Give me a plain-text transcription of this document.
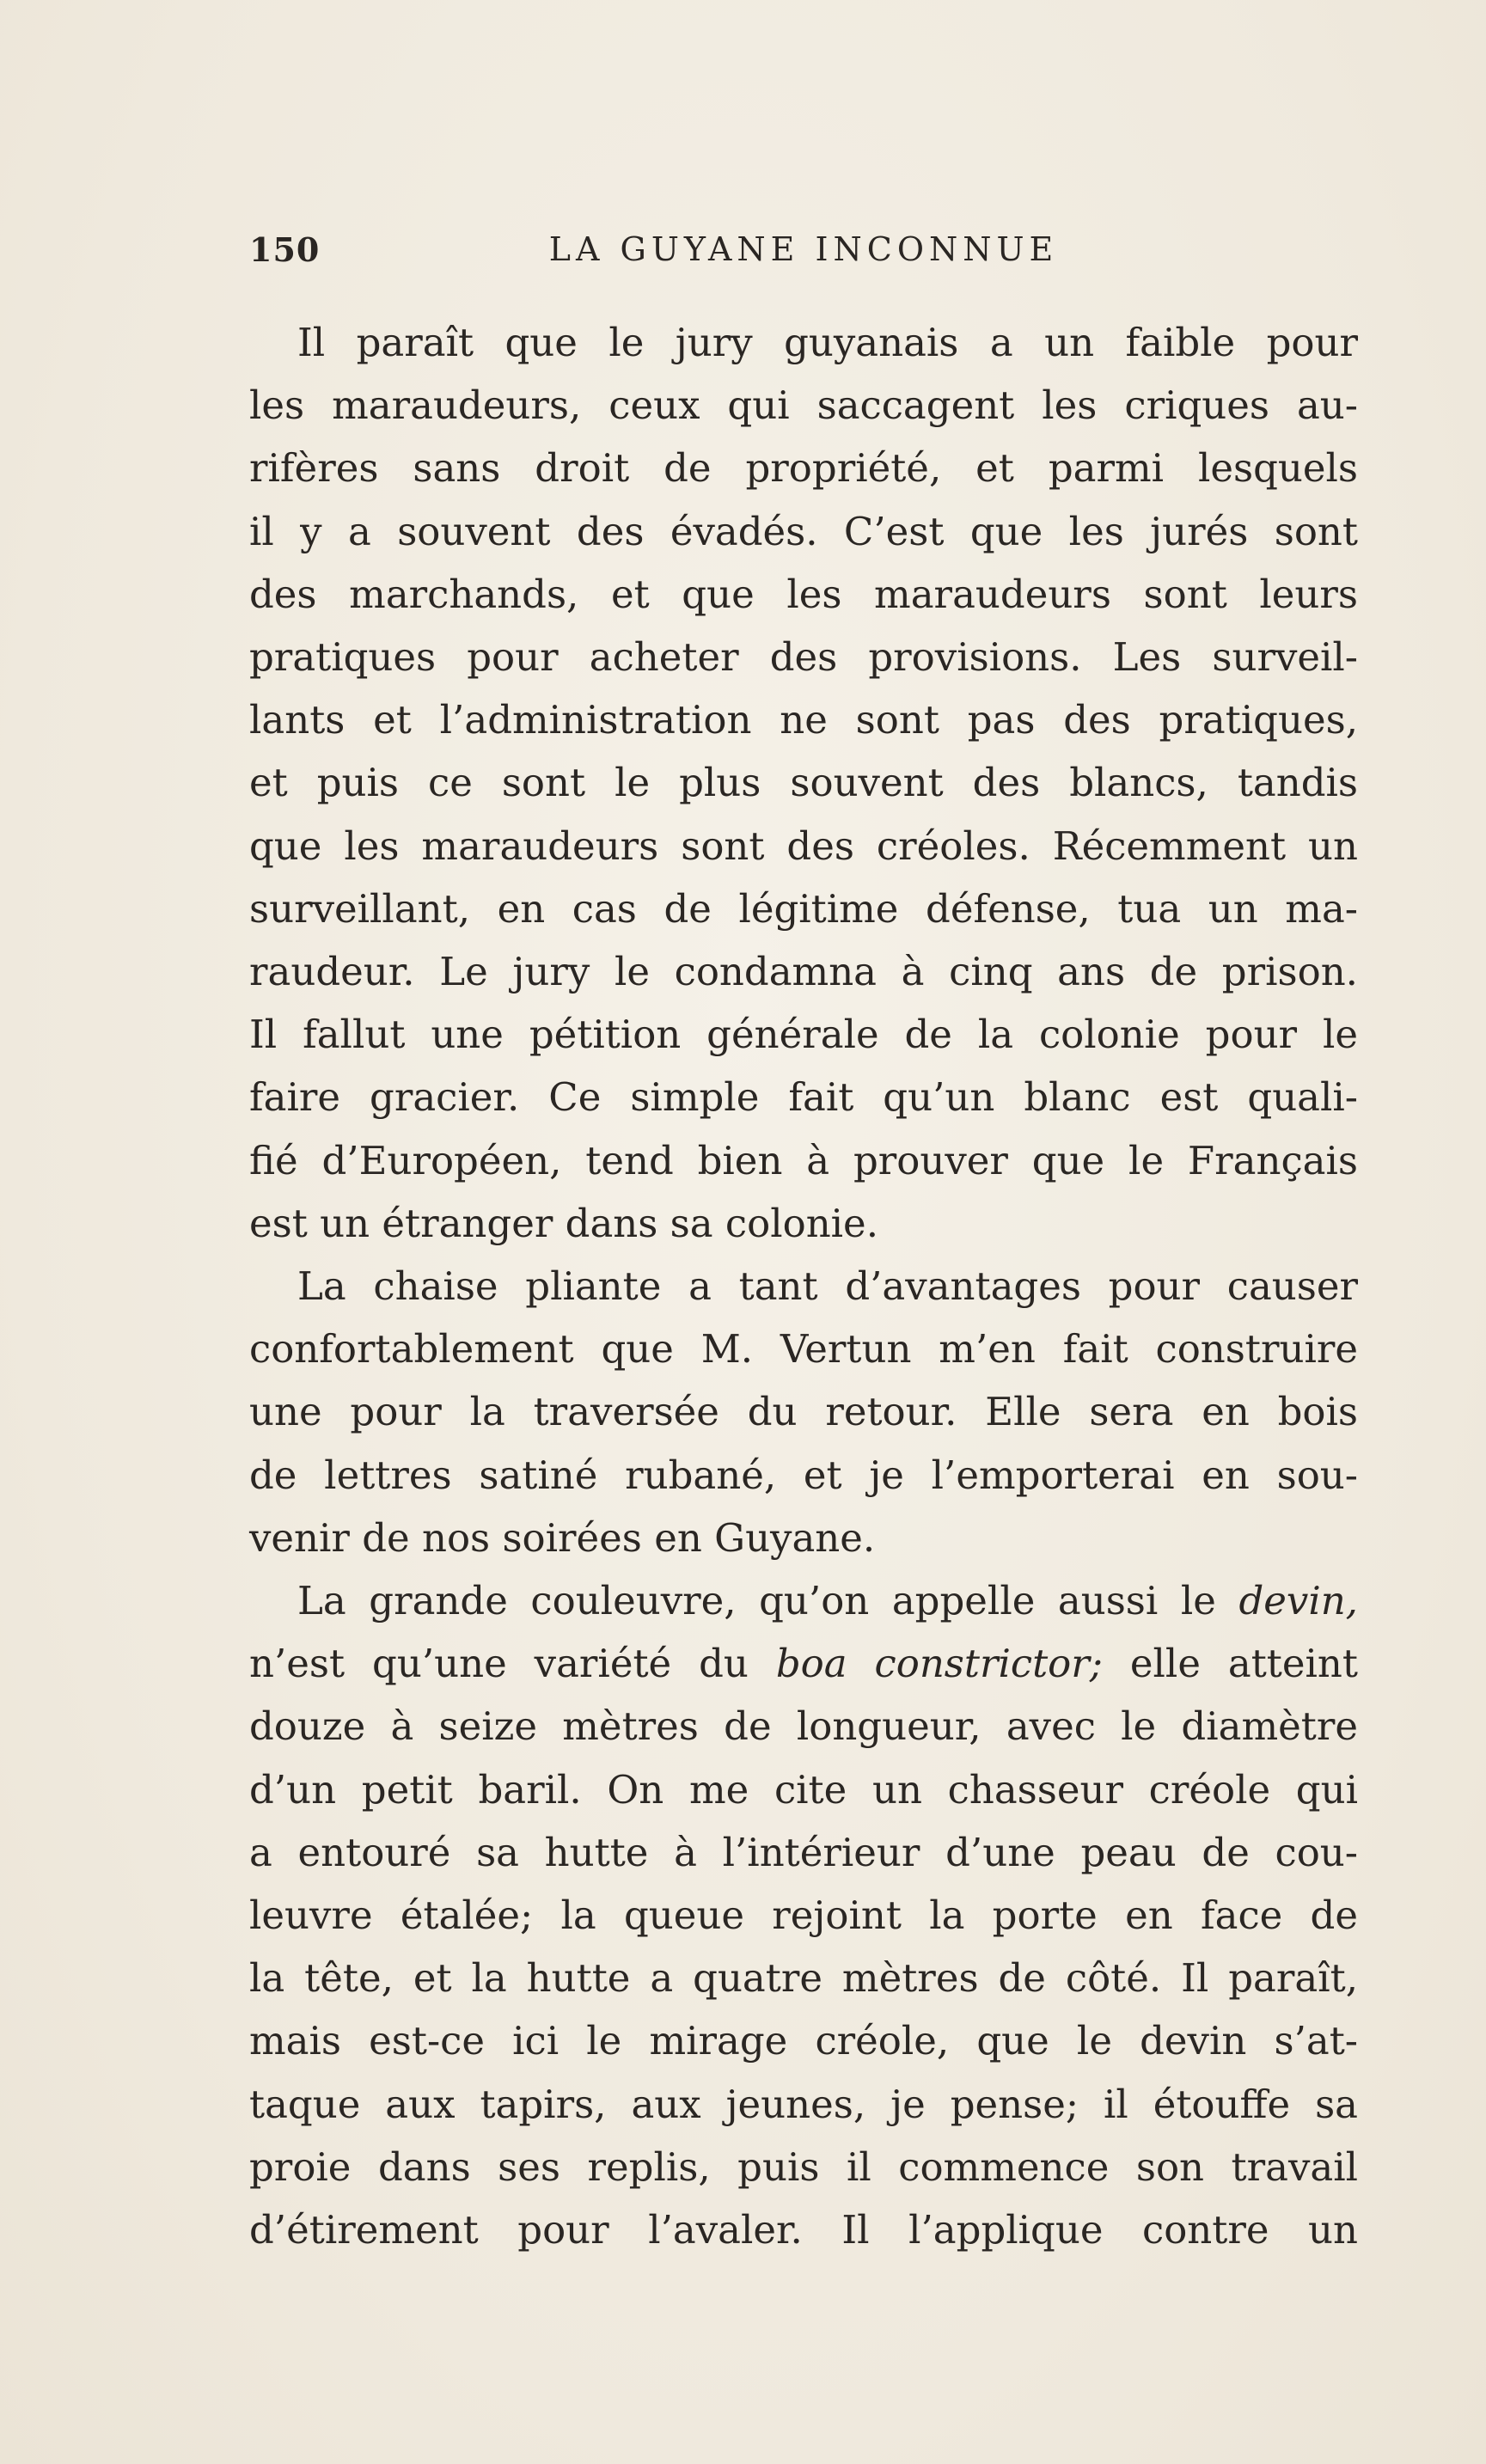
150	LA GUYANE INCONNUE
Il paraît que le jury guyanais a un faible pour
les maraudeurs, ceux qui saccagent les criques au-
rifères sans droit de propriété, et parmi lesquels
il y a souvent des évadés. C’est que les jurés sont
des marchands, et que les maraudeurs sont leurs
pratiques pour acheter des provisions. Les surveil-
lants et l’administration ne sont pas des pratiques,
et puis ce sont le plus souvent des blancs, tandis
que les maraudeurs sont des créoles. Récemment un
surveillant, en cas de légitime défense, tua un ma-
raudeur. Le jury le condamna à cinq ans de prison.
Il fallut une pétition générale de la colonie pour le
faire gracier. Ce simple fait qu’un blanc est quali-
fié d’Européen, tend bien à prouver que le Français
est un étranger dans sa colonie.
La chaise pliante a tant d’avantages pour causer
confortablement que M. Vertun m’en fait construire
une pour la traversée du retour. Elle sera en bois
de lettres satiné rubané, et je l’emporterai en sou-
venir de nos soirées en Guyane.
La grande couleuvre, qu’on appelle aussi le devin,
n’est qu’une variété du boa constrictor; elle atteint
douze à seize mètres de longueur, avec le diamètre
d’un petit baril. On me cite un chasseur créole qui
a entouré sa hutte à l’intérieur d’une peau de cou-
leuvre étalée; la queue rejoint la porte en face de
la tête, et la hutte a quatre mètres de côté. Il paraît,
mais est-ce ici le mirage créole, que le devin s’at-
taque aux tapirs, aux jeunes, je pense; il étouffe sa
proie dans ses replis, puis il commence son travail
d’étirement pour l’avaler. Il l’applique contre un
